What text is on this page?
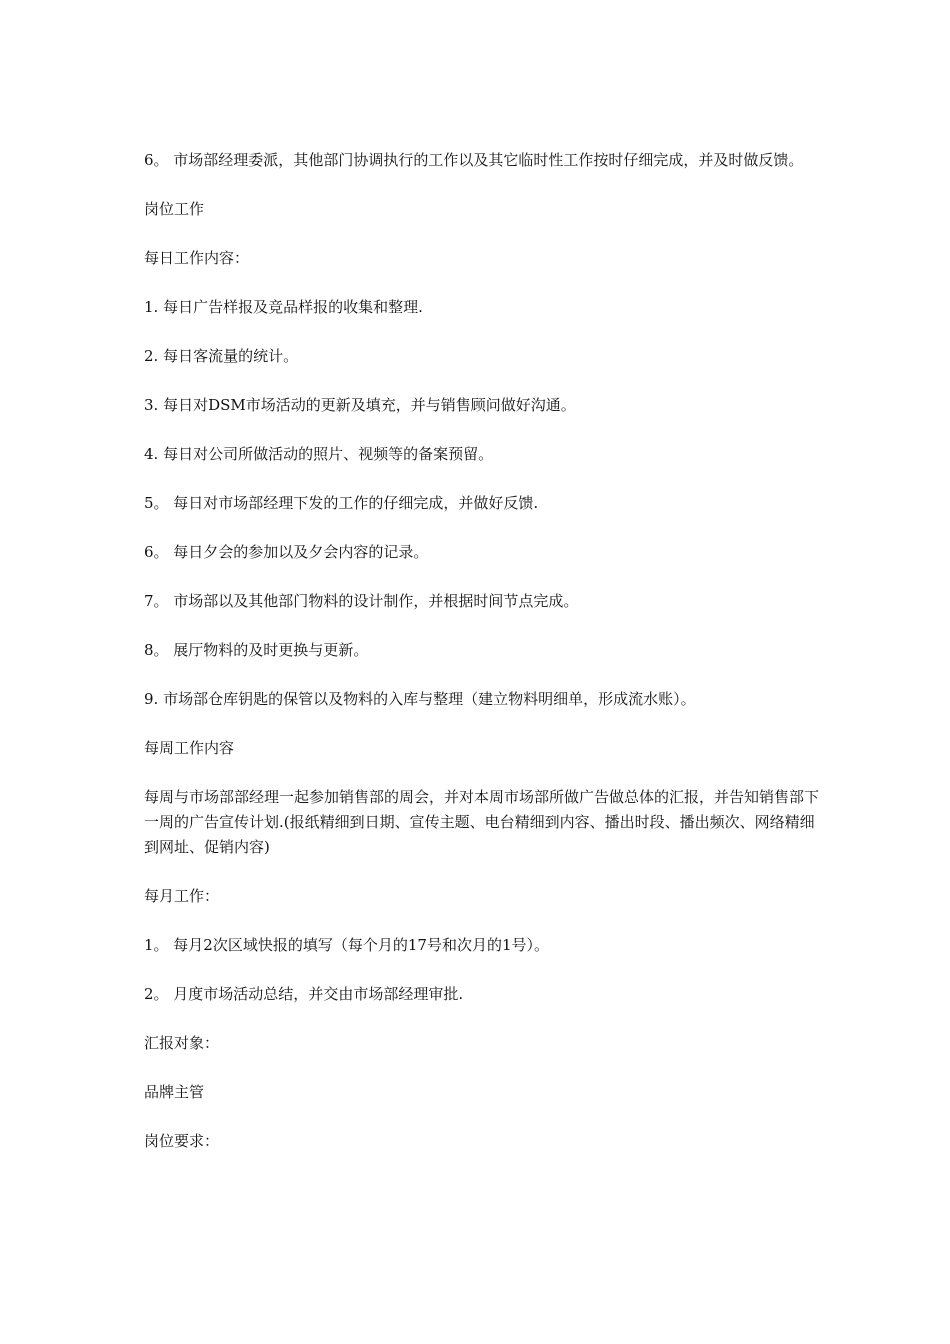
6。 市场部经理委派，其他部门协调执行的工作以及其它临时性工作按时仔细完成，并及时做反馈。

岗位工作

每日工作内容：

1. 每日广告样报及竞品样报的收集和整理.

2. 每日客流量的统计。

3. 每日对DSM市场活动的更新及填充，并与销售顾问做好沟通。

4. 每日对公司所做活动的照片、视频等的备案预留。

5。 每日对市场部经理下发的工作的仔细完成，并做好反馈.

6。 每日夕会的参加以及夕会内容的记录。

7。 市场部以及其他部门物料的设计制作，并根据时间节点完成。

8。 展厅物料的及时更换与更新。

9. 市场部仓库钥匙的保管以及物料的入库与整理（建立物料明细单，形成流水账）。

每周工作内容

每周与市场部部经理一起参加销售部的周会，并对本周市场部所做广告做总体的汇报，并告知销售部下一周的广告宣传计划.(报纸精细到日期、宣传主题、电台精细到内容、播出时段、播出频次、网络精细到网址、促销内容)

每月工作：

1。 每月2次区域快报的填写（每个月的17号和次月的1号）。

2。 月度市场活动总结，并交由市场部经理审批.

汇报对象：

品牌主管

岗位要求：
